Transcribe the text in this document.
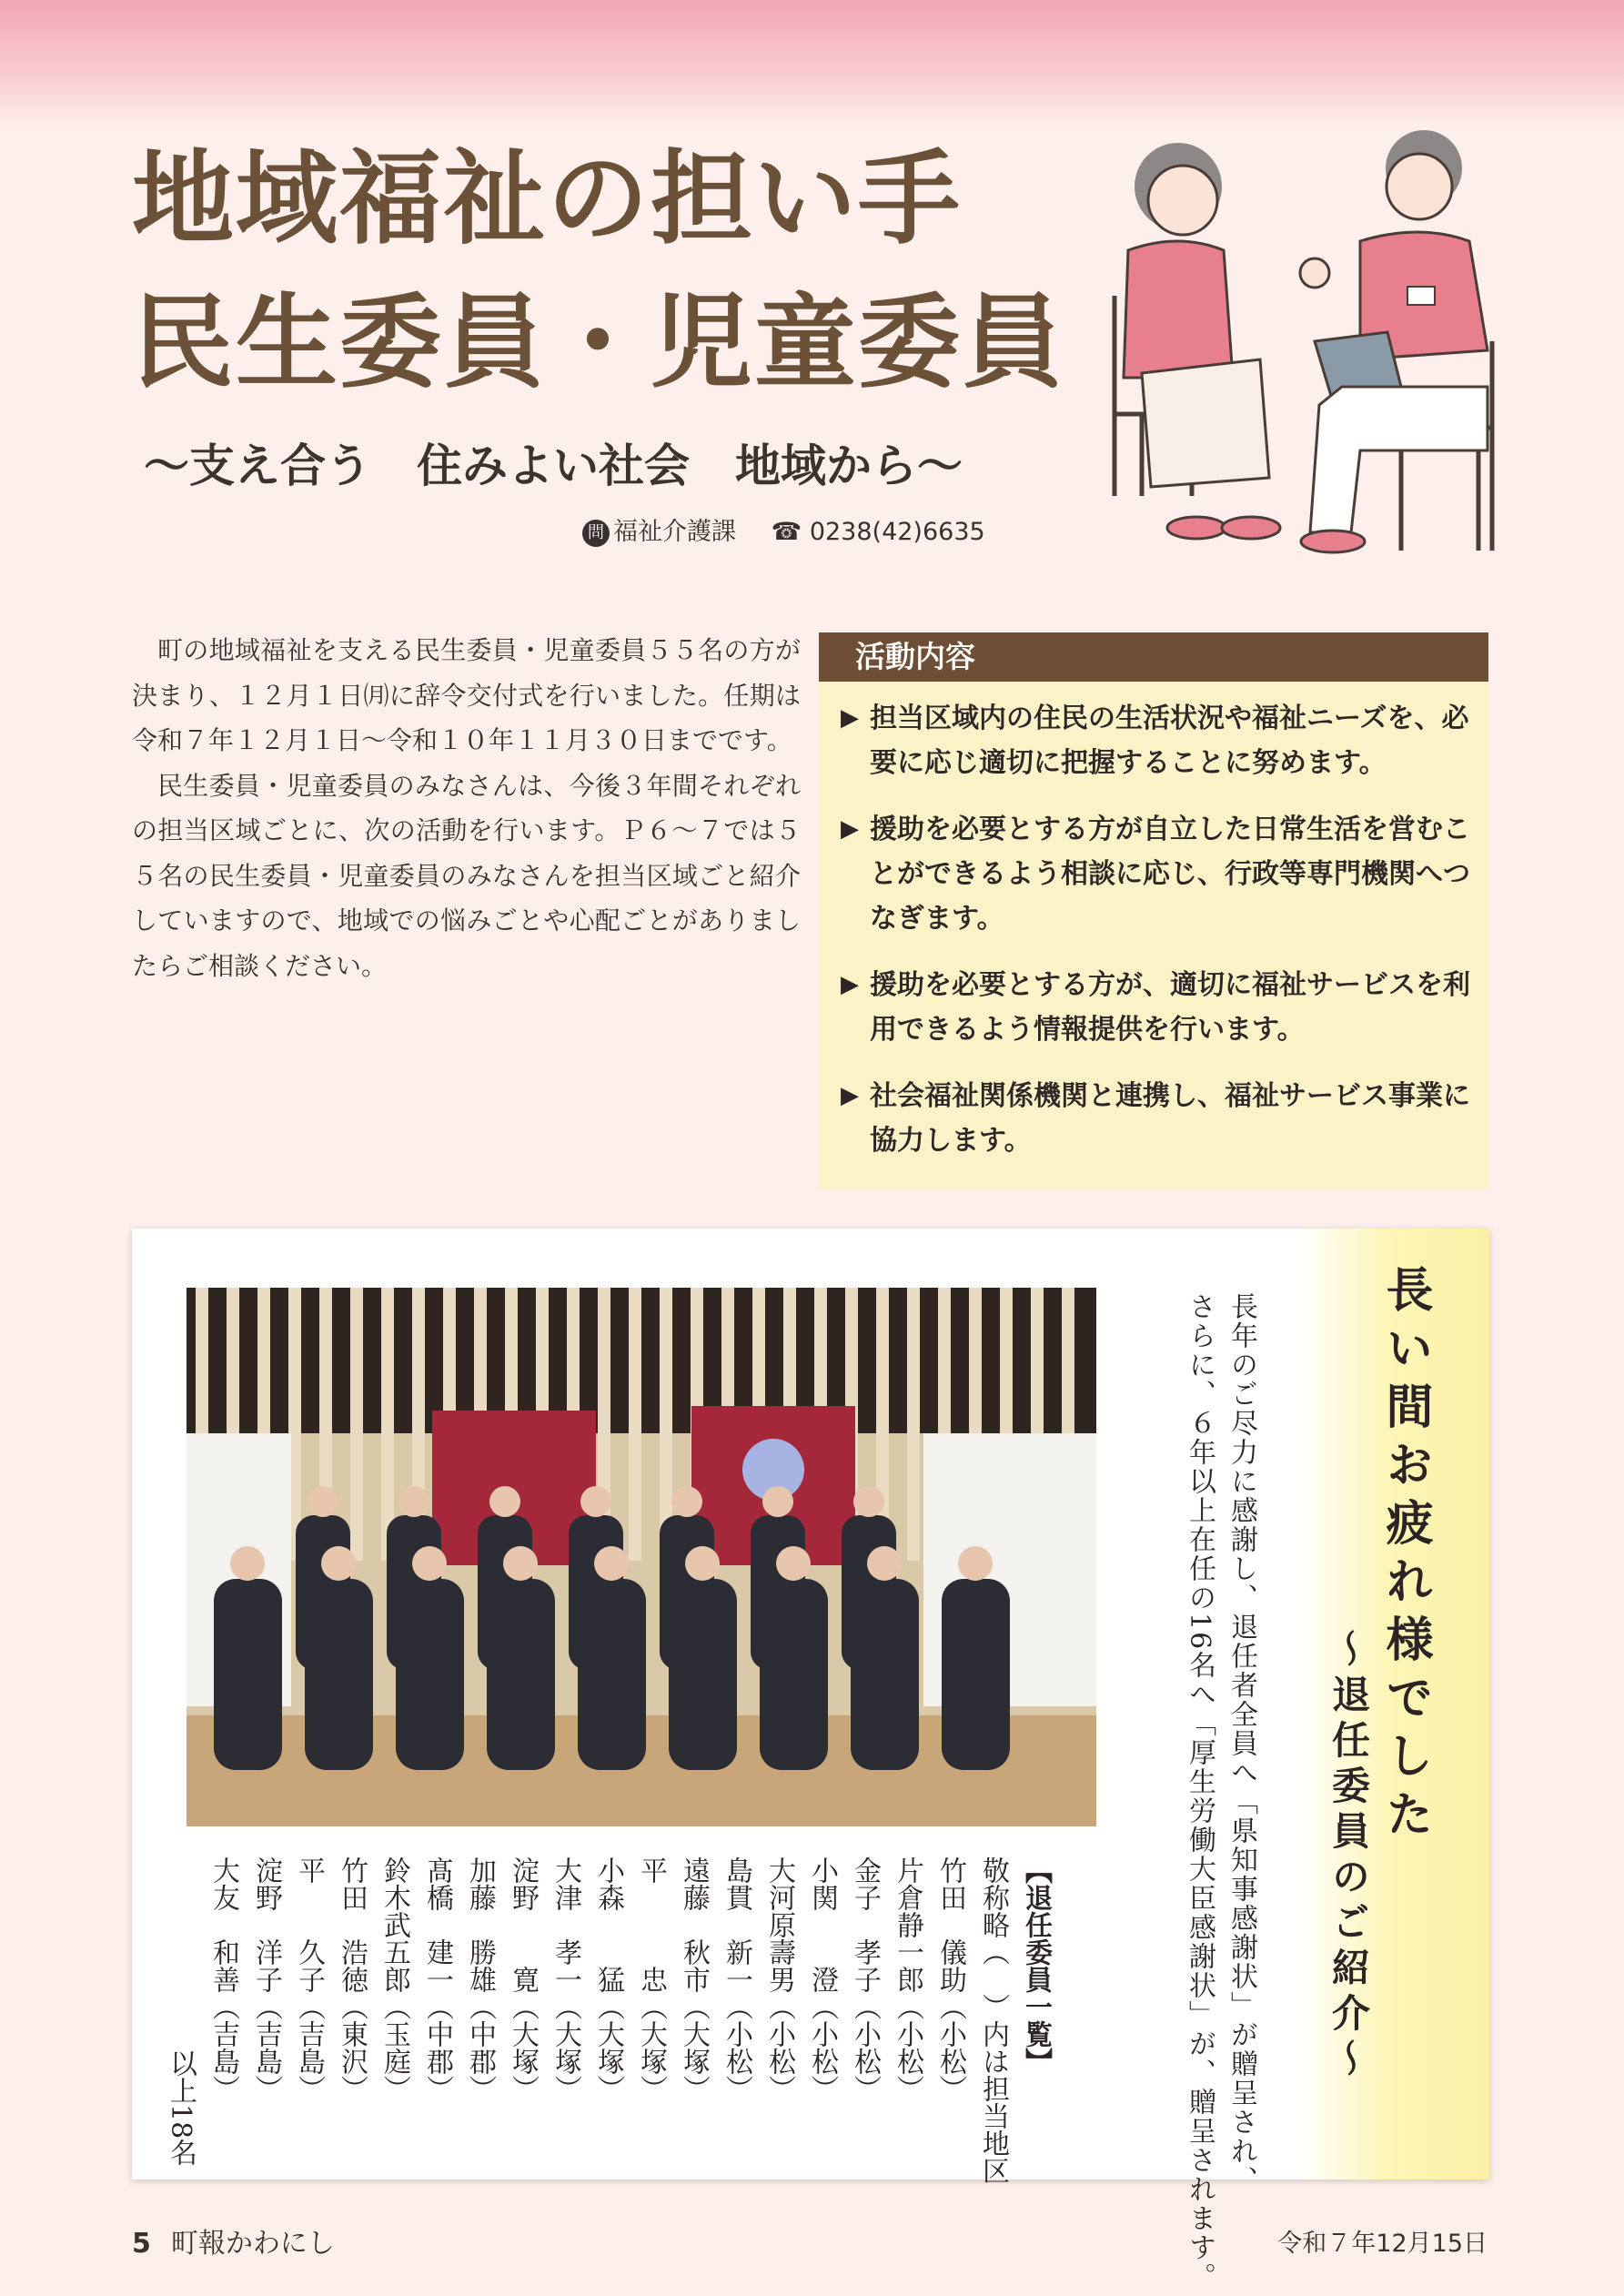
地域福祉の担い手
民生委員・児童委員
～支え合う　住みよい社会　地域から～
問 福祉介護課 ☎ 0238(42)6635

町の地域福祉を支える民生委員・児童委員５５名の方が決まり、１２月１日㈪に辞令交付式を行いました。任期は令和７年１２月１日～令和１０年１１月３０日までです。

民生委員・児童委員のみなさんは、今後３年間それぞれの担当区域ごとに、次の活動を行います。Ｐ６～７では５５名の民生委員・児童委員のみなさんを担当区域ごと紹介していますので、地域での悩みごとや心配ごとがありましたらご相談ください。

活動内容
▶ 担当区域内の住民の生活状況や福祉ニーズを、必要に応じ適切に把握することに努めます。
▶ 援助を必要とする方が自立した日常生活を営むことができるよう相談に応じ、行政等専門機関へつなぎます。
▶ 援助を必要とする方が、適切に福祉サービスを利用できるよう情報提供を行います。
▶ 社会福祉関係機関と連携し、福祉サービス事業に協力します。
長い間お疲れ様でした
～退任委員のご紹介～
長年のご尽力に感謝し、退任者全員へ「県知事感謝状」が贈呈され、
さらに、６年以上在任の16名へ「厚生労働大臣感謝状」が、贈呈されます。
【退任委員一覧】
敬称略（　）内は担当地区
竹田　儀助（小松）
片倉静一郎（小松）
金子　孝子（小松）
小関　　澄（小松）
大河原壽男（小松）
島貫　新一（小松）
遠藤　秋市（大塚）
平　　　忠（大塚）
小森　　猛（大塚）
大津　孝一（大塚）
淀野　　寛（大塚）
加藤　勝雄（中郡）
髙橋　建一（中郡）
鈴木武五郎（玉庭）
竹田　浩徳（東沢）
平　　久子（吉島）
淀野　洋子（吉島）
大友　和善（吉島）
以上18名
5 町報かわにし	令和７年12月15日
